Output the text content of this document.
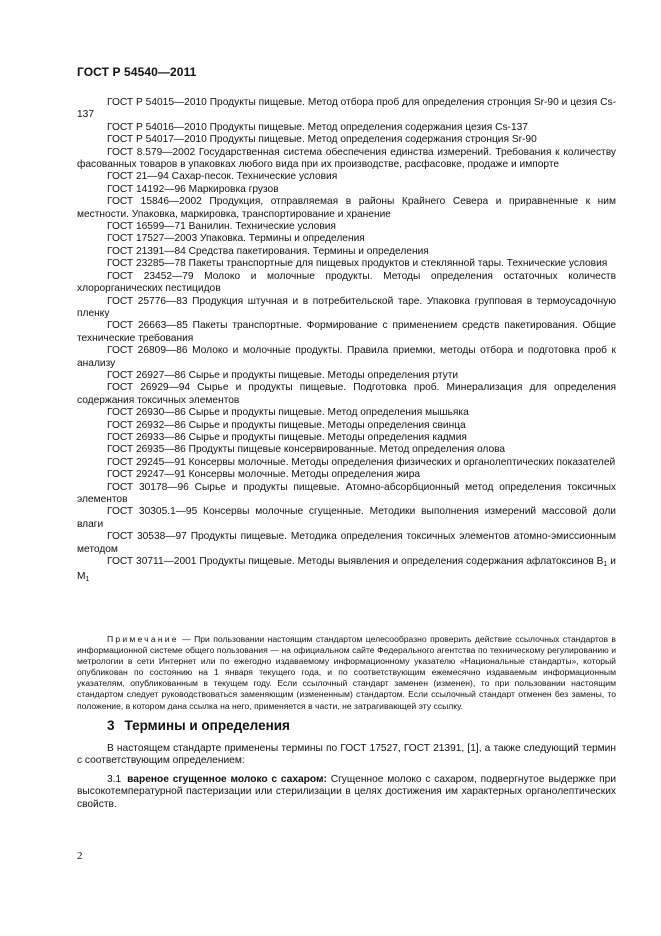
ГОСТ Р 54540—2011

ГОСТ Р 54015—2010 Продукты пищевые. Метод отбора проб для определения стронция Sr-90 и цезия Cs-137

ГОСТ Р 54016—2010 Продукты пищевые. Метод определения содержания цезия Cs-137

ГОСТ Р 54017—2010 Продукты пищевые. Метод определения содержания стронция Sr-90

ГОСТ 8.579—2002 Государственная система обеспечения единства измерений. Требования к количеству фасованных товаров в упаковках любого вида при их производстве, расфасовке, продаже и импорте

ГОСТ 21—94 Сахар-песок. Технические условия

ГОСТ 14192—96 Маркировка грузов

ГОСТ 15846—2002 Продукция, отправляемая в районы Крайнего Севера и приравненные к ним местности. Упаковка, маркировка, транспортирование и хранение

ГОСТ 16599—71 Ванилин. Технические условия

ГОСТ 17527—2003 Упаковка. Термины и определения

ГОСТ 21391—84 Средства пакетирования. Термины и определения

ГОСТ 23285—78 Пакеты транспортные для пищевых продуктов и стеклянной тары. Технические условия

ГОСТ 23452—79 Молоко и молочные продукты. Методы определения остаточных количеств хлорорганических пестицидов

ГОСТ 25776—83 Продукция штучная и в потребительской таре. Упаковка групповая в термоусадочную пленку

ГОСТ 26663—85 Пакеты транспортные. Формирование с применением средств пакетирования. Общие технические требования

ГОСТ 26809—86 Молоко и молочные продукты. Правила приемки, методы отбора и подготовка проб к анализу

ГОСТ 26927—86 Сырье и продукты пищевые. Методы определения ртути

ГОСТ 26929—94 Сырье и продукты пищевые. Подготовка проб. Минерализация для определения содержания токсичных элементов

ГОСТ 26930—86 Сырье и продукты пищевые. Метод определения мышьяка

ГОСТ 26932—86 Сырье и продукты пищевые. Методы определения свинца

ГОСТ 26933—86 Сырье и продукты пищевые. Методы определения кадмия

ГОСТ 26935—86 Продукты пищевые консервированные. Метод определения олова

ГОСТ 29245—91 Консервы молочные. Методы определения физических и органолептических показателей

ГОСТ 29247—91 Консервы молочные. Методы определения жира

ГОСТ 30178—96 Сырье и продукты пищевые. Атомно-абсорбционный метод определения токсичных элементов

ГОСТ 30305.1—95 Консервы молочные сгущенные. Методики выполнения измерений массовой доли влаги

ГОСТ 30538—97 Продукты пищевые. Методика определения токсичных элементов атомно-эмиссионным методом

ГОСТ 30711—2001 Продукты пищевые. Методы выявления и определения содержания афлатоксинов $B_1$ и $M_1$

Примечание — При пользовании настоящим стандартом целесообразно проверить действие ссылочных стандартов в информационной системе общего пользования — на официальном сайте Федерального агентства по техническому регулированию и метрологии в сети Интернет или по ежегодно издаваемому информационному указателю «Национальные стандарты», который опубликован по состоянию на 1 января текущего года, и по соответствующим ежемесячно издаваемым информационным указателям, опубликованным в текущем году. Если ссылочный стандарт заменен (изменен), то при пользовании настоящим стандартом следует руководствоваться заменяющим (измененным) стандартом. Если ссылочный стандарт отменен без замены, то положение, в котором дана ссылка на него, применяется в части, не затрагивающей эту ссылку.

3 Термины и определения

В настоящем стандарте применены термины по ГОСТ 17527, ГОСТ 21391, [1], а также следующий термин с соответствующим определением:

3.1 вареное сгущенное молоко с сахаром: Сгущенное молоко с сахаром, подвергнутое выдержке при высокотемпературной пастеризации или стерилизации в целях достижения им характерных органолептических свойств.

2
